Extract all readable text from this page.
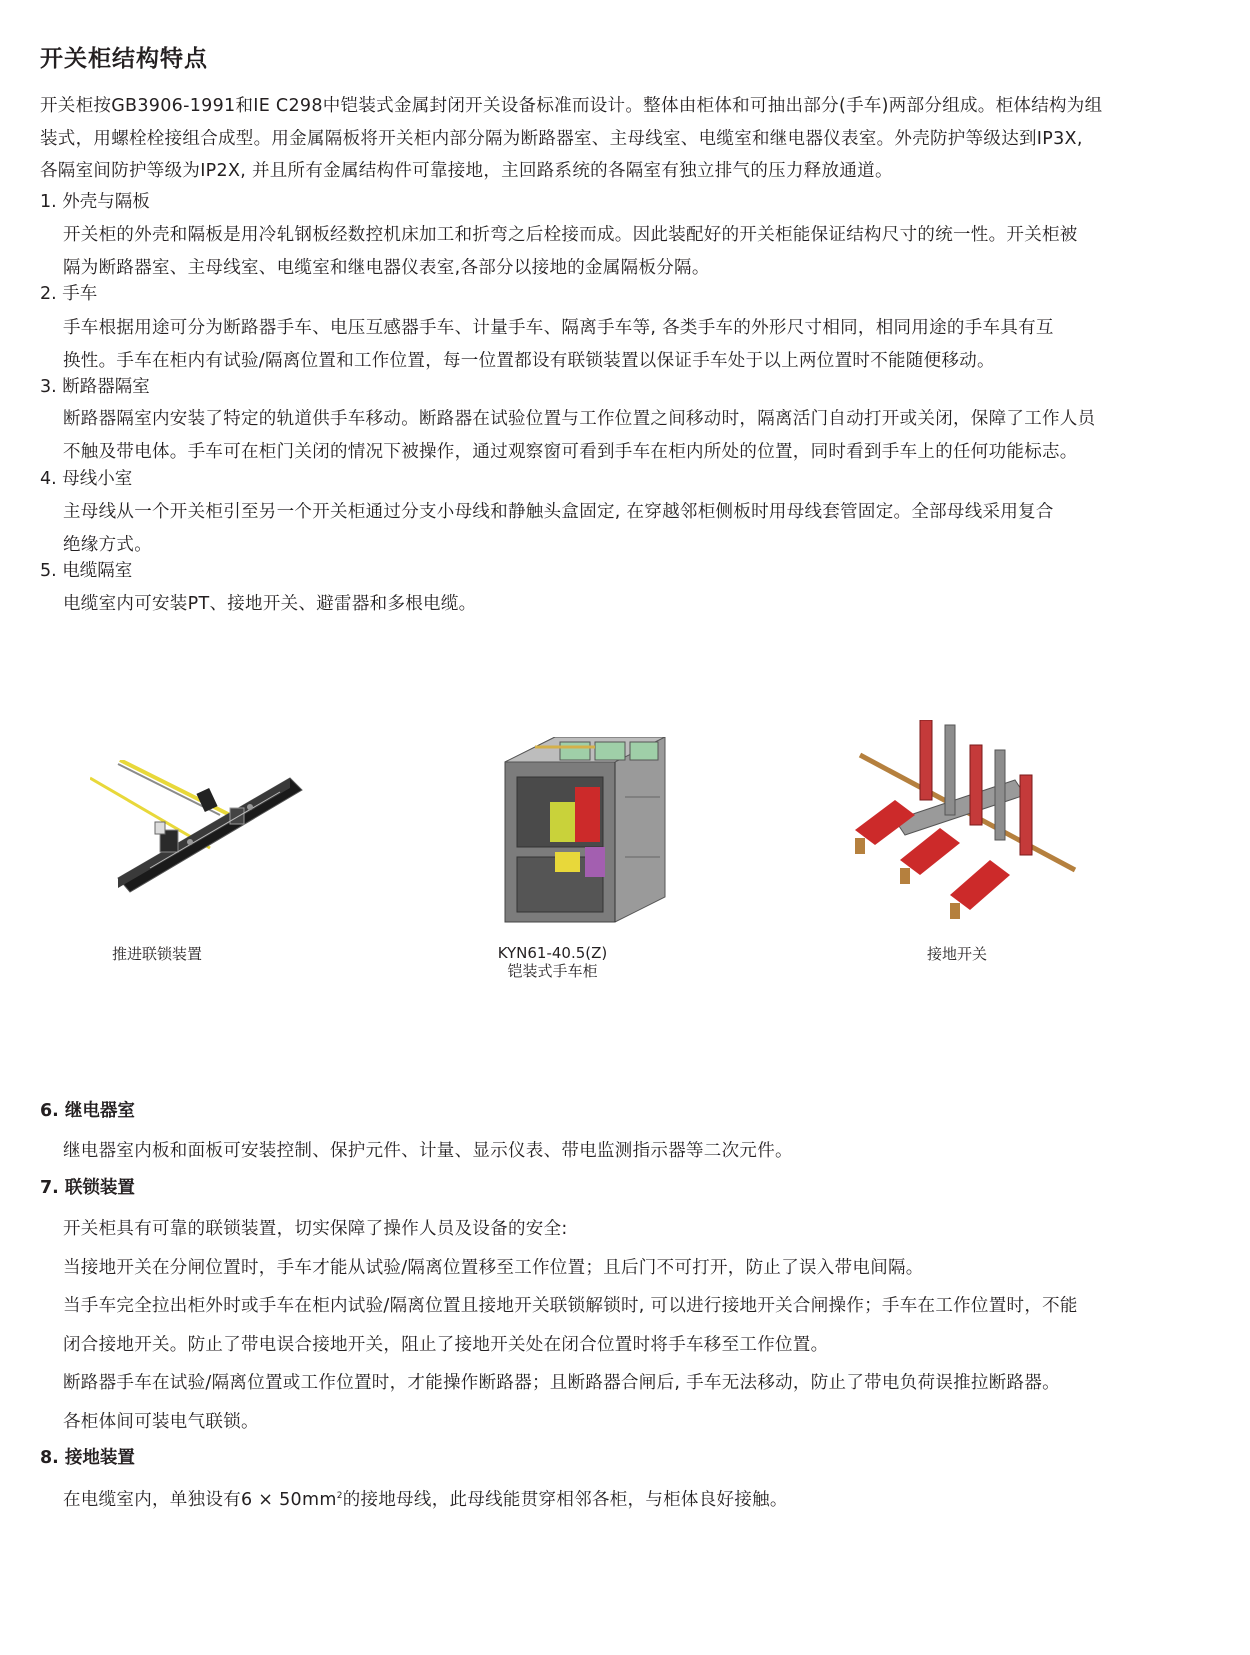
开关柜结构特点
开关柜按GB3906-1991和IE C298中铠装式金属封闭开关设备标准而设计。整体由柜体和可抽出部分(手车)两部分组成。柜体结构为组
装式，用螺栓栓接组合成型。用金属隔板将开关柜内部分隔为断路器室、主母线室、电缆室和继电器仪表室。外壳防护等级达到IP3X,
各隔室间防护等级为IP2X, 并且所有金属结构件可靠接地，主回路系统的各隔室有独立排气的压力释放通道。
1. 外壳与隔板
开关柜的外壳和隔板是用冷轧钢板经数控机床加工和折弯之后栓接而成。因此装配好的开关柜能保证结构尺寸的统一性。开关柜被
隔为断路器室、主母线室、电缆室和继电器仪表室,各部分以接地的金属隔板分隔。
2. 手车
手车根据用途可分为断路器手车、电压互感器手车、计量手车、隔离手车等, 各类手车的外形尺寸相同，相同用途的手车具有互
换性。手车在柜内有试验/隔离位置和工作位置，每一位置都设有联锁装置以保证手车处于以上两位置时不能随便移动。
3. 断路器隔室
断路器隔室内安装了特定的轨道供手车移动。断路器在试验位置与工作位置之间移动时，隔离活门自动打开或关闭，保障了工作人员
不触及带电体。手车可在柜门关闭的情况下被操作，通过观察窗可看到手车在柜内所处的位置，同时看到手车上的任何功能标志。
4. 母线小室
主母线从一个开关柜引至另一个开关柜通过分支小母线和静触头盒固定, 在穿越邻柜侧板时用母线套管固定。全部母线采用复合
绝缘方式。
5. 电缆隔室
电缆室内可安装PT、接地开关、避雷器和多根电缆。
推进联锁装置	KYN61-40.5(Z)
铠装式手车柜
接地开关
6. 继电器室
继电器室内板和面板可安装控制、保护元件、计量、显示仪表、带电监测指示器等二次元件。
7. 联锁装置
开关柜具有可靠的联锁装置，切实保障了操作人员及设备的安全:
当接地开关在分闸位置时，手车才能从试验/隔离位置移至工作位置；且后门不可打开，防止了误入带电间隔。
当手车完全拉出柜外时或手车在柜内试验/隔离位置且接地开关联锁解锁时, 可以进行接地开关合闸操作；手车在工作位置时，不能
闭合接地开关。防止了带电误合接地开关，阻止了接地开关处在闭合位置时将手车移至工作位置。
断路器手车在试验/隔离位置或工作位置时，才能操作断路器；且断路器合闸后, 手车无法移动，防止了带电负荷误推拉断路器。
各柜体间可装电气联锁。
8. 接地装置
在电缆室内，单独设有$6 \times 50mm^2$的接地母线，此母线能贯穿相邻各柜，与柜体良好接触。
